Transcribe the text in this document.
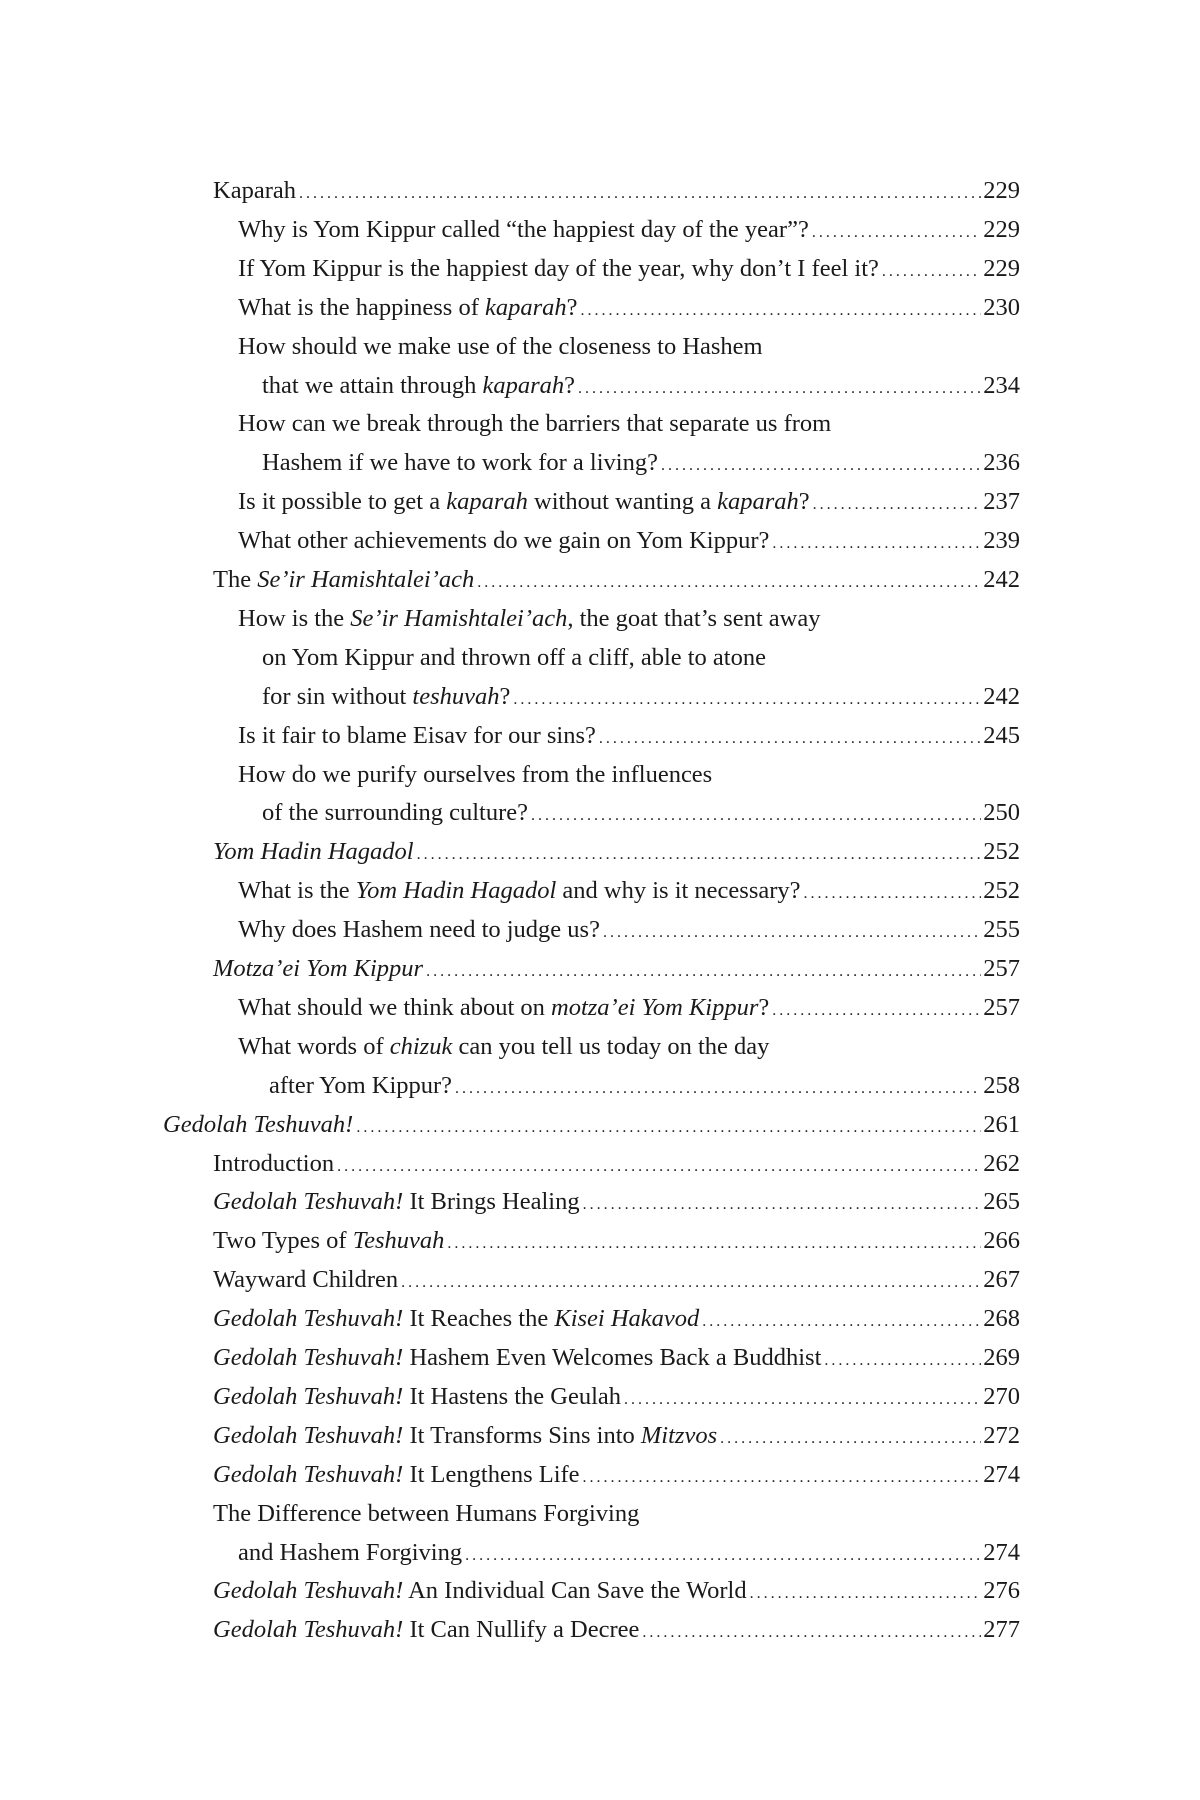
Kaparah . . .	229
Why is Yom Kippur called “the happiest day of the year”? . . .	229
If Yom Kippur is the happiest day of the year, why don’t I feel it? . . .	229
What is the happiness of kaparah? . . .	230
How should we make use of the closeness to Hashem
that we attain through kaparah? . . .	234
How can we break through the barriers that separate us from
Hashem if we have to work for a living? . . .	236
Is it possible to get a kaparah without wanting a kaparah? . . .	237
What other achievements do we gain on Yom Kippur? . . .	239
The Se’ir Hamishtalei’ach . . .	242
How is the Se’ir Hamishtalei’ach, the goat that’s sent away
on Yom Kippur and thrown off a cliff, able to atone
for sin without teshuvah? . . .	242
Is it fair to blame Eisav for our sins? . . .	245
How do we purify ourselves from the influences
of the surrounding culture? . . .	250
Yom Hadin Hagadol . . .	252
What is the Yom Hadin Hagadol and why is it necessary? . . .	252
Why does Hashem need to judge us? . . .	255
Motza’ei Yom Kippur . . .	257
What should we think about on motza’ei Yom Kippur? . . .	257
What words of chizuk can you tell us today on the day
after Yom Kippur? . . .	258
Gedolah Teshuvah! . . .	261
Introduction . . .	262
Gedolah Teshuvah! It Brings Healing . . .	265
Two Types of Teshuvah . . .	266
Wayward Children . . .	267
Gedolah Teshuvah! It Reaches the Kisei Hakavod . . .	268
Gedolah Teshuvah! Hashem Even Welcomes Back a Buddhist . . .	269
Gedolah Teshuvah! It Hastens the Geulah . . .	270
Gedolah Teshuvah! It Transforms Sins into Mitzvos . . .	272
Gedolah Teshuvah! It Lengthens Life . . .	274
The Difference between Humans Forgiving
and Hashem Forgiving . . .	274
Gedolah Teshuvah! An Individual Can Save the World . . .	276
Gedolah Teshuvah! It Can Nullify a Decree . . .	277
